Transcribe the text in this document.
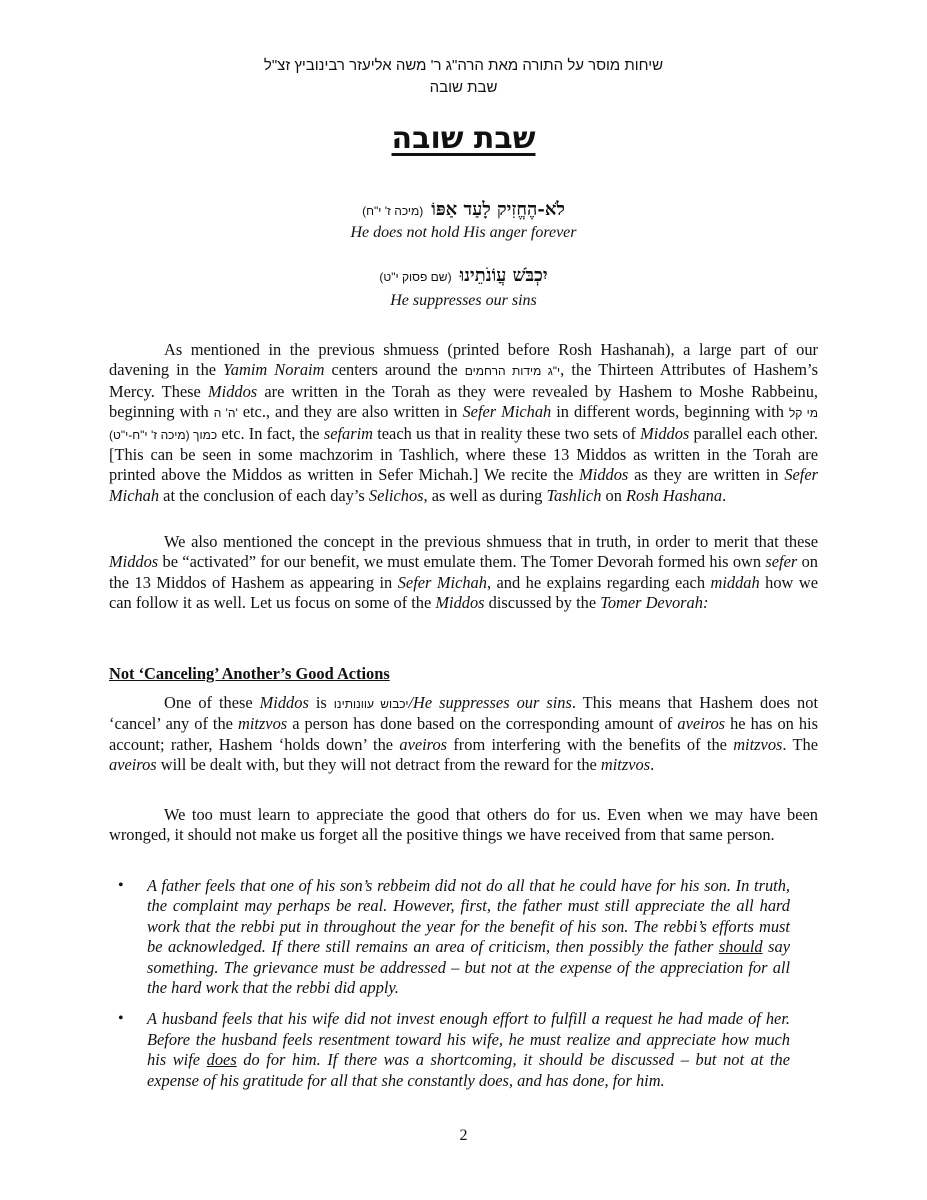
שיחות מוסר על התורה מאת הרה"ג ר' משה אליעזר רבינוביץ זצ"ל
שבת שובה
שבת שובה
לֹא-הֶחֱזִיק לָעַד אַפּוֹ (מיכה ז' י"ח)
He does not hold His anger forever
יִכְבֹּשׁ עֲוֹנֹתֵינוּ (שם פסוק י"ט)
He suppresses our sins

As mentioned in the previous shmuess (printed before Rosh Hashanah), a large part of our davening in the Yamim Noraim centers around the י"ג מידות הרחמים, the Thirteen Attributes of Hashem’s Mercy. These Middos are written in the Torah as they were revealed by Hashem to Moshe Rabbeinu, beginning with 'ה' ה etc., and they are also written in Sefer Michah in different words, beginning with מי קל כמוך (מיכה ז' י"ח-י"ט) etc. In fact, the sefarim teach us that in reality these two sets of Middos parallel each other. [This can be seen in some machzorim in Tashlich, where these 13 Middos as written in the Torah are printed above the Middos as written in Sefer Michah.] We recite the Middos as they are written in Sefer Michah at the conclusion of each day’s Selichos, as well as during Tashlich on Rosh Hashana.

We also mentioned the concept in the previous shmuess that in truth, in order to merit that these Middos be “activated” for our benefit, we must emulate them. The Tomer Devorah formed his own sefer on the 13 Middos of Hashem as appearing in Sefer Michah, and he explains regarding each middah how we can follow it as well. Let us focus on some of the Middos discussed by the Tomer Devorah:

Not ‘Canceling’ Another’s Good Actions

One of these Middos is יכבוש עוונותינו/He suppresses our sins. This means that Hashem does not ‘cancel’ any of the mitzvos a person has done based on the corresponding amount of aveiros he has on his account; rather, Hashem ‘holds down’ the aveiros from interfering with the benefits of the mitzvos. The aveiros will be dealt with, but they will not detract from the reward for the mitzvos.

We too must learn to appreciate the good that others do for us. Even when we may have been wronged, it should not make us forget all the positive things we have received from that same person.

• A father feels that one of his son’s rebbeim did not do all that he could have for his son. In truth, the complaint may perhaps be real. However, first, the father must still appreciate the all hard work that the rebbi put in throughout the year for the benefit of his son. The rebbi’s efforts must be acknowledged. If there still remains an area of criticism, then possibly the father should say something. The grievance must be addressed – but not at the expense of the appreciation for all the hard work that the rebbi did apply.
• A husband feels that his wife did not invest enough effort to fulfill a request he had made of her. Before the husband feels resentment toward his wife, he must realize and appreciate how much his wife does do for him. If there was a shortcoming, it should be discussed – but not at the expense of his gratitude for all that she constantly does, and has done, for him.
2
